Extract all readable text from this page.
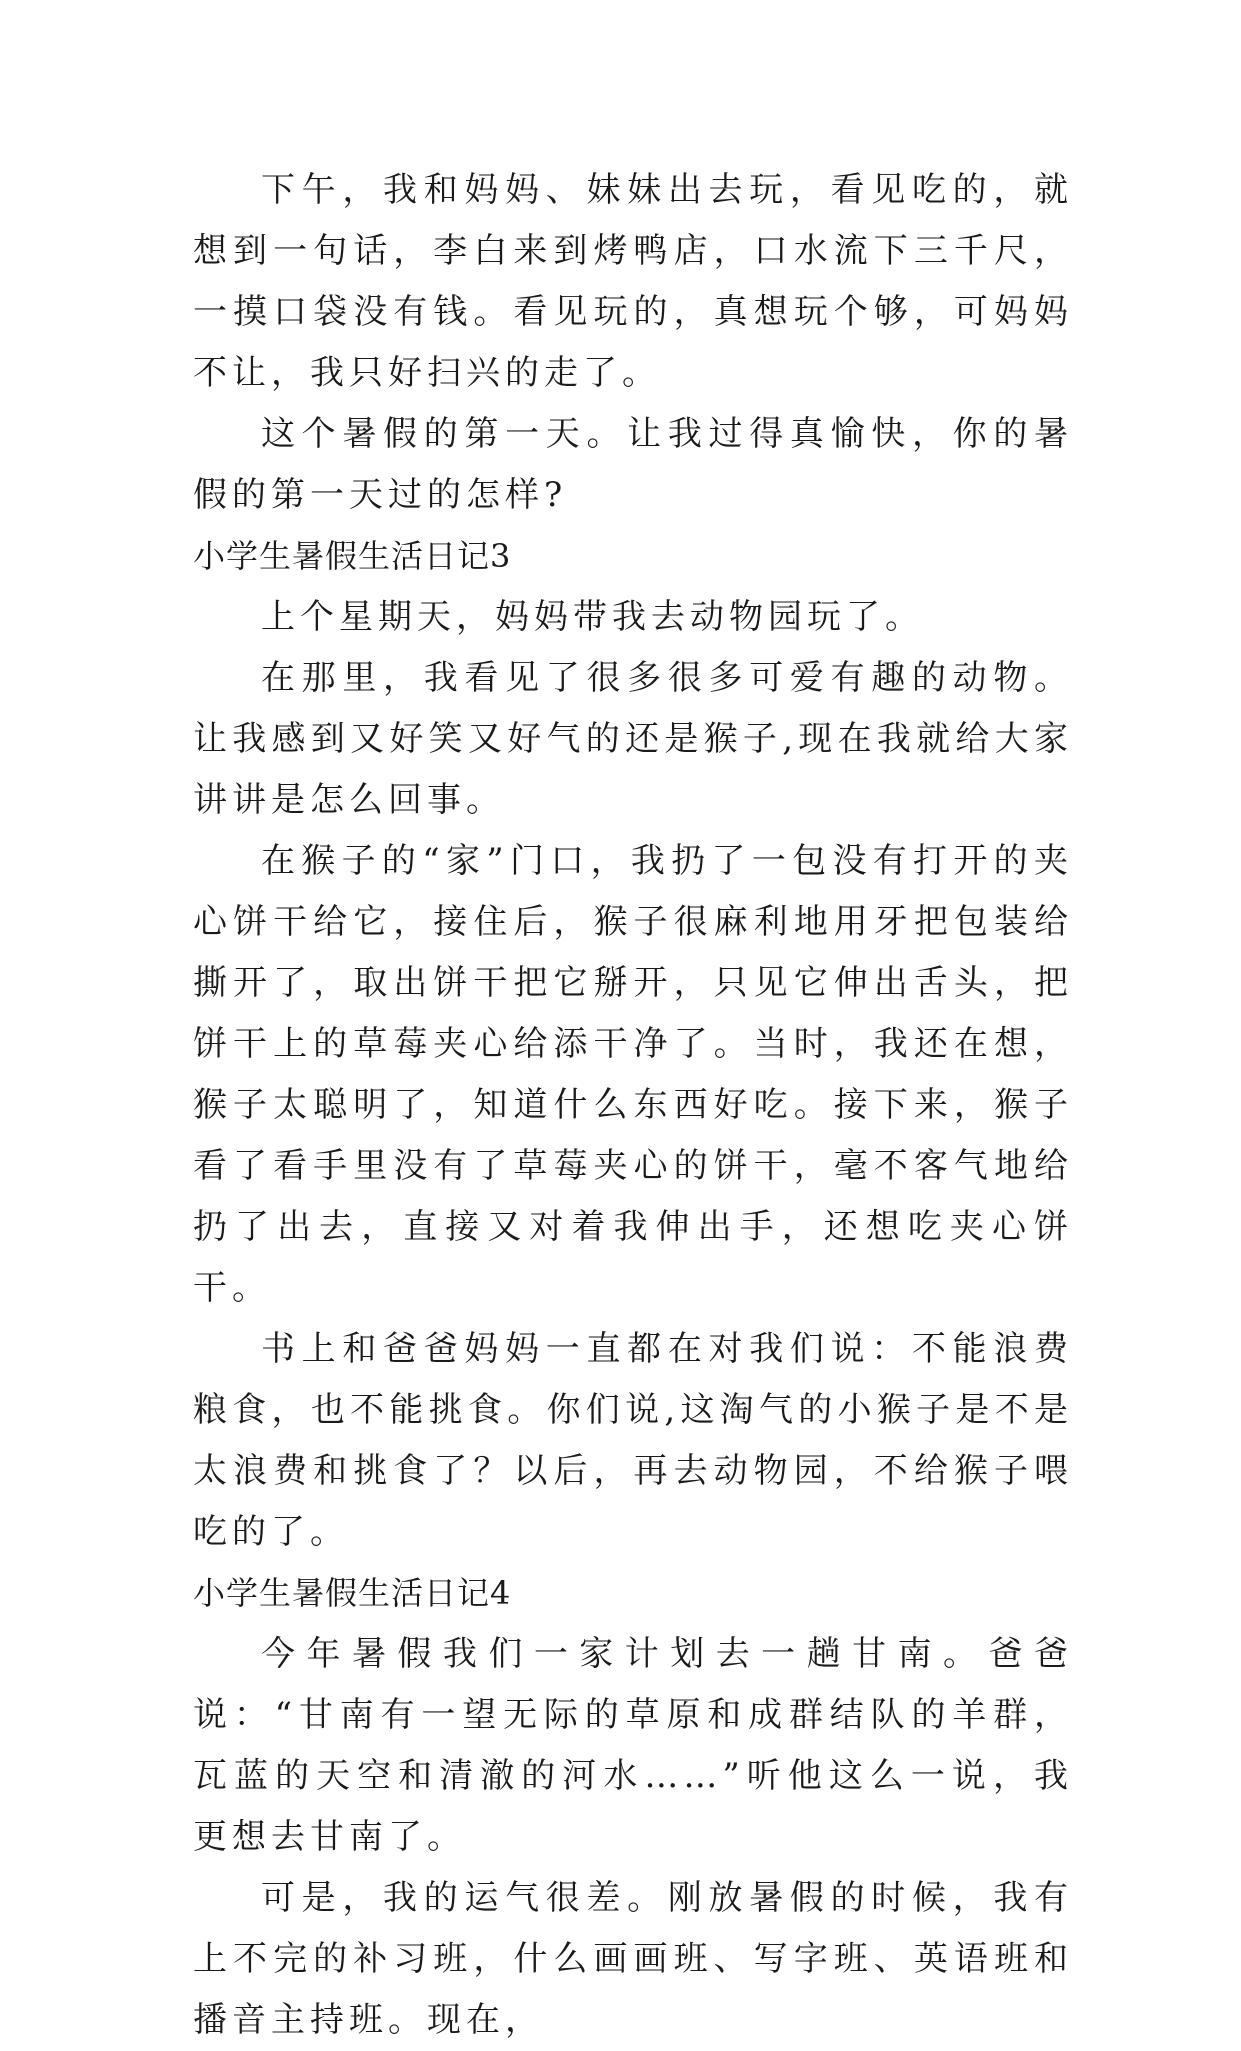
下午，我和妈妈、妹妹出去玩，看见吃的，就想到一句话，李白来到烤鸭店，口水流下三千尺，一摸口袋没有钱。看见玩的，真想玩个够，可妈妈不让，我只好扫兴的走了。

这个暑假的第一天。让我过得真愉快，你的暑假的第一天过的怎样?

小学生暑假生活日记3

上个星期天，妈妈带我去动物园玩了。

在那里，我看见了很多很多可爱有趣的动物。让我感到又好笑又好气的还是猴子,现在我就给大家讲讲是怎么回事。

在猴子的“家”门口，我扔了一包没有打开的夹心饼干给它，接住后，猴子很麻利地用牙把包装给撕开了，取出饼干把它掰开，只见它伸出舌头，把饼干上的草莓夹心给添干净了。当时，我还在想，猴子太聪明了，知道什么东西好吃。接下来，猴子看了看手里没有了草莓夹心的饼干，毫不客气地给扔了出去，直接又对着我伸出手，还想吃夹心饼干。

书上和爸爸妈妈一直都在对我们说：不能浪费粮食，也不能挑食。你们说,这淘气的小猴子是不是太浪费和挑食了？以后，再去动物园，不给猴子喂吃的了。

小学生暑假生活日记4

今年暑假我们一家计划去一趟甘南。爸爸说：“甘南有一望无际的草原和成群结队的羊群，瓦蓝的天空和清澈的河水……”听他这么一说，我更想去甘南了。

可是，我的运气很差。刚放暑假的时候，我有上不完的补习班，什么画画班、写字班、英语班和播音主持班。现在，
